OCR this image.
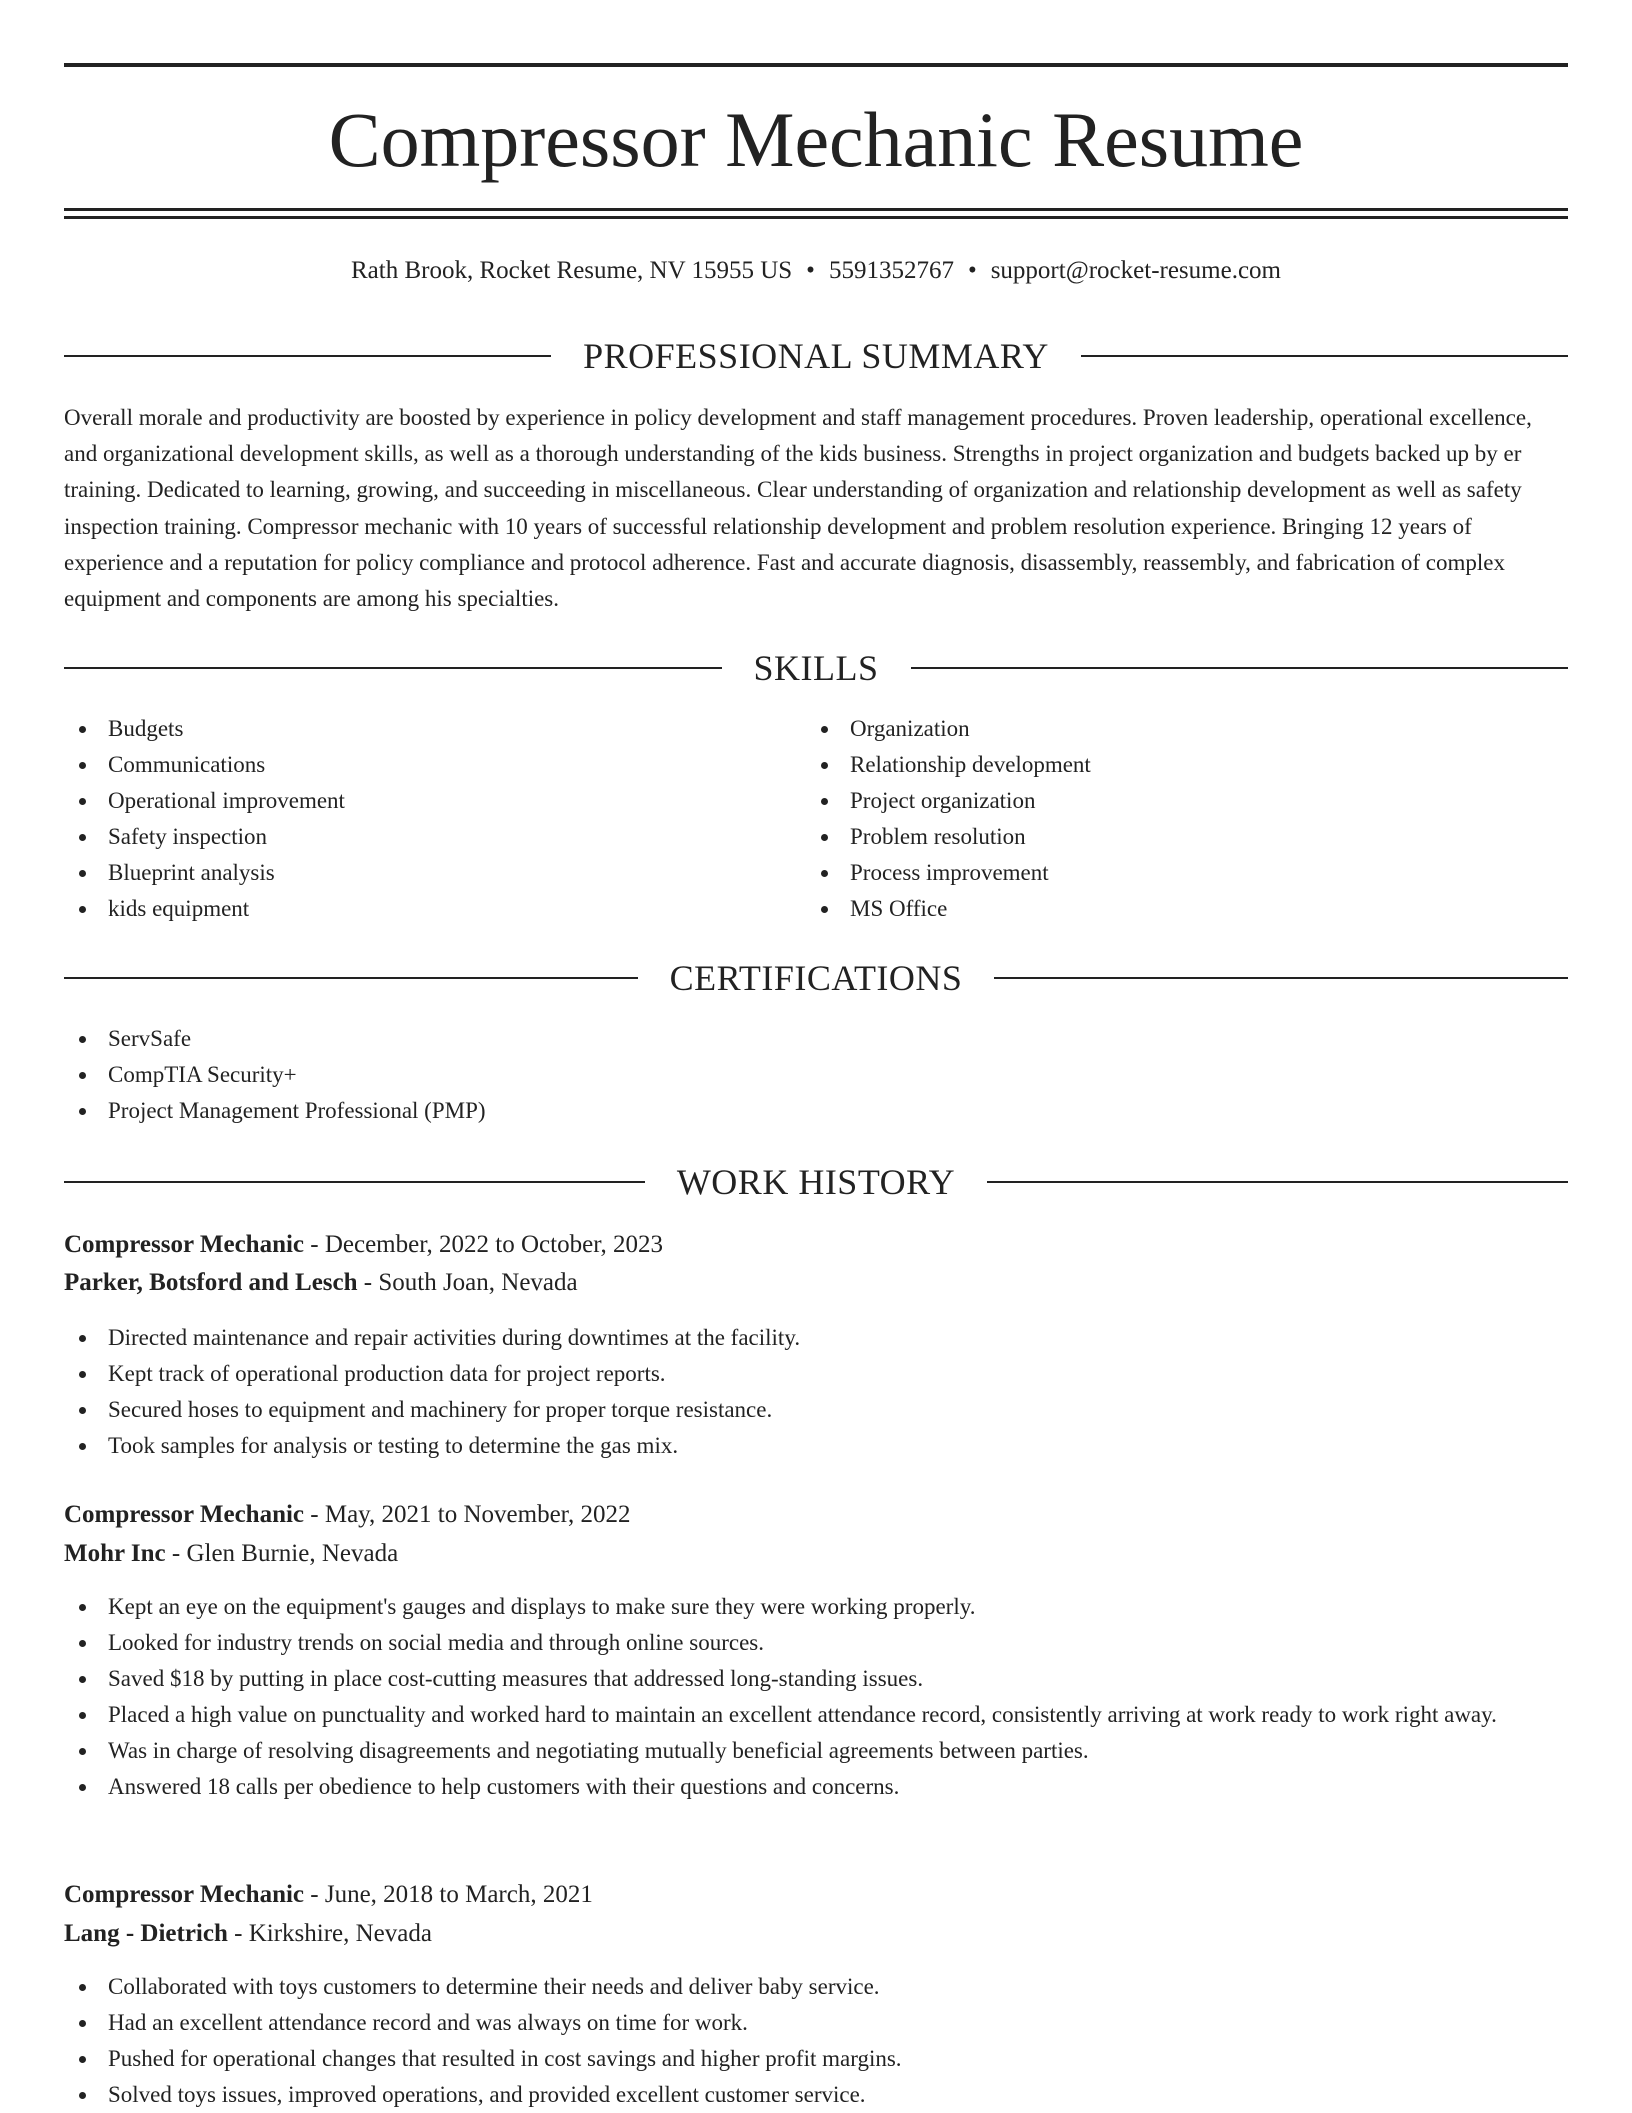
Compressor Mechanic Resume
Rath Brook, Rocket Resume, NV 15955 US • 5591352767 • support@rocket-resume.com
PROFESSIONAL SUMMARY

Overall morale and productivity are boosted by experience in policy development and staff management procedures. Proven leadership, operational excellence, and organizational development skills, as well as a thorough understanding of the kids business. Strengths in project organization and budgets backed up by er training. Dedicated to learning, growing, and succeeding in miscellaneous. Clear understanding of organization and relationship development as well as safety inspection training. Compressor mechanic with 10 years of successful relationship development and problem resolution experience. Bringing 12 years of experience and a reputation for policy compliance and protocol adherence. Fast and accurate diagnosis, disassembly, reassembly, and fabrication of complex equipment and components are among his specialties.

SKILLS
Budgets
Communications
Operational improvement
Safety inspection
Blueprint analysis
kids equipment
Organization
Relationship development
Project organization
Problem resolution
Process improvement
MS Office
CERTIFICATIONS
ServSafe
CompTIA Security+
Project Management Professional (PMP)
WORK HISTORY
Compressor Mechanic - December, 2022 to October, 2023
Parker, Botsford and Lesch - South Joan, Nevada
Directed maintenance and repair activities during downtimes at the facility.
Kept track of operational production data for project reports.
Secured hoses to equipment and machinery for proper torque resistance.
Took samples for analysis or testing to determine the gas mix.
Compressor Mechanic - May, 2021 to November, 2022
Mohr Inc - Glen Burnie, Nevada
Kept an eye on the equipment's gauges and displays to make sure they were working properly.
Looked for industry trends on social media and through online sources.
Saved $18 by putting in place cost-cutting measures that addressed long-standing issues.
Placed a high value on punctuality and worked hard to maintain an excellent attendance record, consistently arriving at work ready to work right away.
Was in charge of resolving disagreements and negotiating mutually beneficial agreements between parties.
Answered 18 calls per obedience to help customers with their questions and concerns.
Compressor Mechanic - June, 2018 to March, 2021
Lang - Dietrich - Kirkshire, Nevada
Collaborated with toys customers to determine their needs and deliver baby service.
Had an excellent attendance record and was always on time for work.
Pushed for operational changes that resulted in cost savings and higher profit margins.
Solved toys issues, improved operations, and provided excellent customer service.
